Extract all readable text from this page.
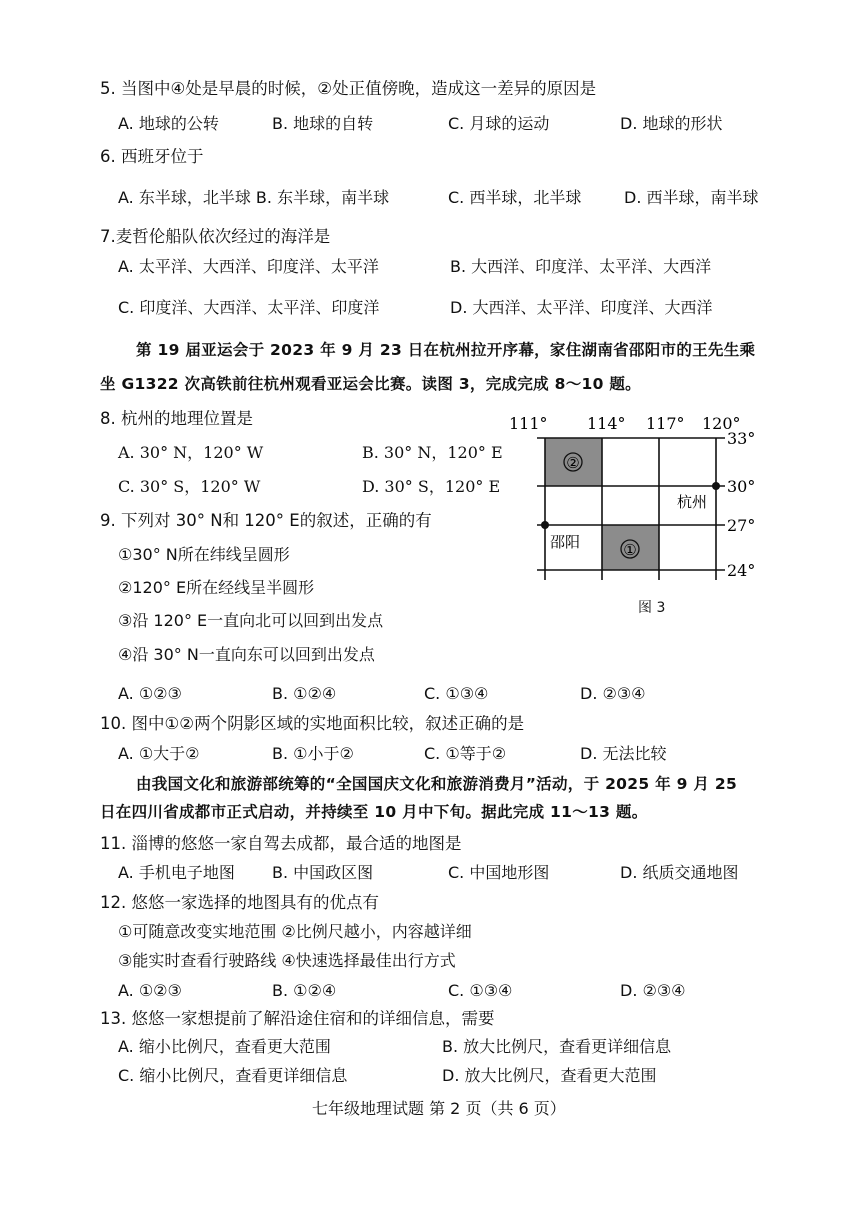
5. 当图中④处是早晨的时候，②处正值傍晚，造成这一差异的原因是
A. 地球的公转	B. 地球的自转	C. 月球的运动	D. 地球的形状
6. 西班牙位于
A. 东半球，北半球 B. 东半球，南半球	C. 西半球，北半球	D. 西半球，南半球
7.麦哲伦船队依次经过的海洋是
A. 太平洋、大西洋、印度洋、太平洋	B. 大西洋、印度洋、太平洋、大西洋
C. 印度洋、大西洋、太平洋、印度洋	D. 大西洋、太平洋、印度洋、大西洋
第 19 届亚运会于 2023 年 9 月 23 日在杭州拉开序幕，家住湖南省邵阳市的王先生乘
坐 G1322 次高铁前往杭州观看亚运会比赛。读图 3，完成完成 8～10 题。
8. 杭州的地理位置是
A. 30° N，120° W	B. 30° N，120° E
C. 30° S，120° W	D. 30° S，120° E
9. 下列对 30° N和 120° E的叙述，正确的有
①30° N所在纬线呈圆形
②120° E所在经线呈半圆形
③沿 120° E一直向北可以回到出发点
④沿 30° N一直向东可以回到出发点
A. ①②③	B. ①②④	C. ①③④	D. ②③④
②
①
111° 114° 117° 120°
33°
30°
27°
24°
杭州
邵阳
图 3
10. 图中①②两个阴影区域的实地面积比较，叙述正确的是
A. ①大于②	B. ①小于②	C. ①等于②	D. 无法比较
由我国文化和旅游部统筹的“全国国庆文化和旅游消费月”活动，于 2025 年 9 月 25
日在四川省成都市正式启动，并持续至 10 月中下旬。据此完成 11～13 题。
11. 淄博的悠悠一家自驾去成都，最合适的地图是
A. 手机电子地图 B. 中国政区图	C. 中国地形图	D. 纸质交通地图
12. 悠悠一家选择的地图具有的优点有
①可随意改变实地范围 ②比例尺越小，内容越详细
③能实时查看行驶路线 ④快速选择最佳出行方式
A. ①②③	B. ①②④	C. ①③④	D. ②③④
13. 悠悠一家想提前了解沿途住宿和的详细信息，需要
A. 缩小比例尺，查看更大范围	B. 放大比例尺，查看更详细信息
C. 缩小比例尺，查看更详细信息	D. 放大比例尺，查看更大范围
七年级地理试题 第 2 页（共 6 页）
